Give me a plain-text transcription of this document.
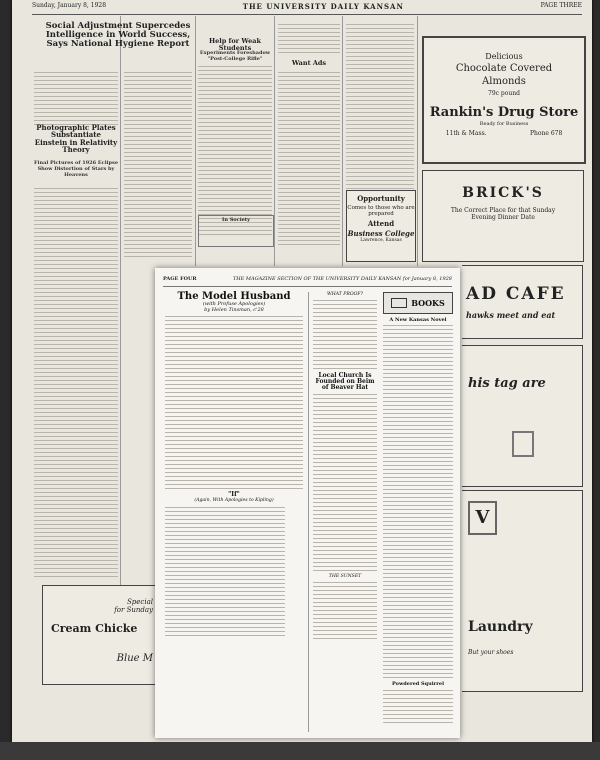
Sunday, January 8, 1928	THE UNIVERSITY DAILY KANSAN	PAGE THREE
Social Adjustment Supercedes Intelligence in World Success, Says National Hygiene Report
Photographic Plates Substantiate Einstein in Relativity Theory
Final Pictures of 1926 Eclipse Show Distortion of Stars by Heavens
Help for Weak Students
Experiments Foreshadow "Post-College Rifle"
In Society
Want Ads
Opportunity
Comes to those who are prepared
Attend
Business College
Lawrence, Kansas
Delicious
Chocolate Covered
Almonds
79c pound
Rankin's Drug Store
Ready for Business
11th & Mass.	Phone 678
BRICK'S
The Correct Place for that Sunday Evening Dinner Date
AD CAFE
hawks meet and eat
his tag are
V
Laundry
But your shoes
Special
for Sunday
Cream Chicke
Blue M
PAGE FOUR	THE MAGAZINE SECTION OF THE UNIVERSITY DAILY KANSAN for January 8, 1928
The Model Husband
(with Profuse Apologies)
by Helen Tinsman, c'28
"If"
(Again, With Apologies to Kipling)
WHAT PROOF?
Local Church Is Founded on Beim of Beaver Hat
THE SUNSET
BOOKS
A New Kansas Novel
Powdered Squirrel
